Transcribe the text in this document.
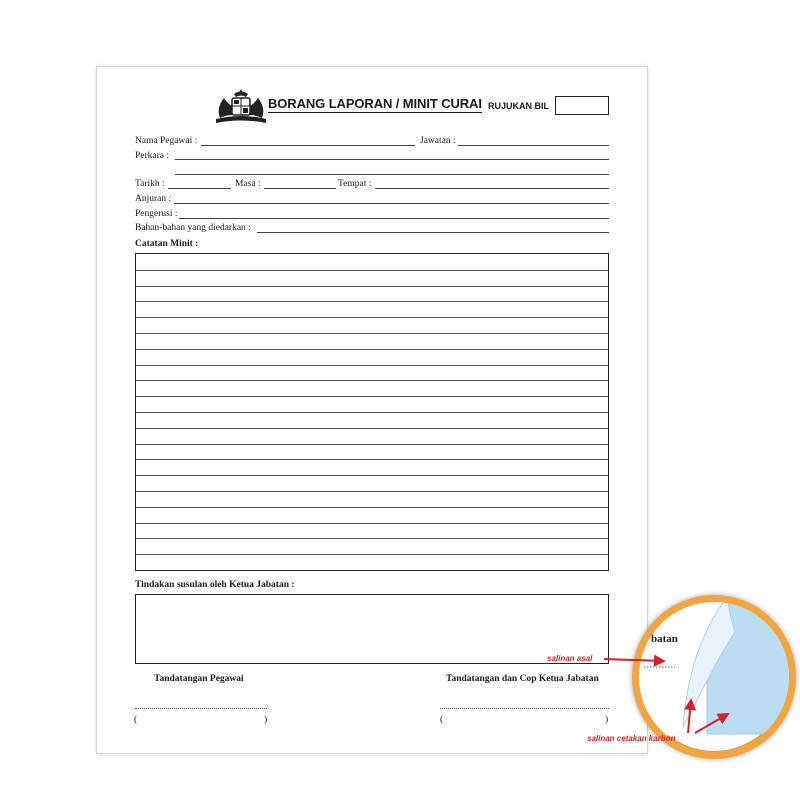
BORANG LAPORAN / MINIT CURAI RUJUKAN BIL
Nama Pegawai :	Jawatan :
Perkara :
Tarikh :	Masa :	Tempat :
Anjuran :
Pengerusi :
Bahan-bahan yang diedarkan :
Catatan Minit :
Tindakan susulan oleh Ketua Jabatan :
Tandatangan Pegawai	Tandatangan dan Cop Ketua Jabatan
(	)	(	)
batan
salinan asal
salinan cetakan karbon
